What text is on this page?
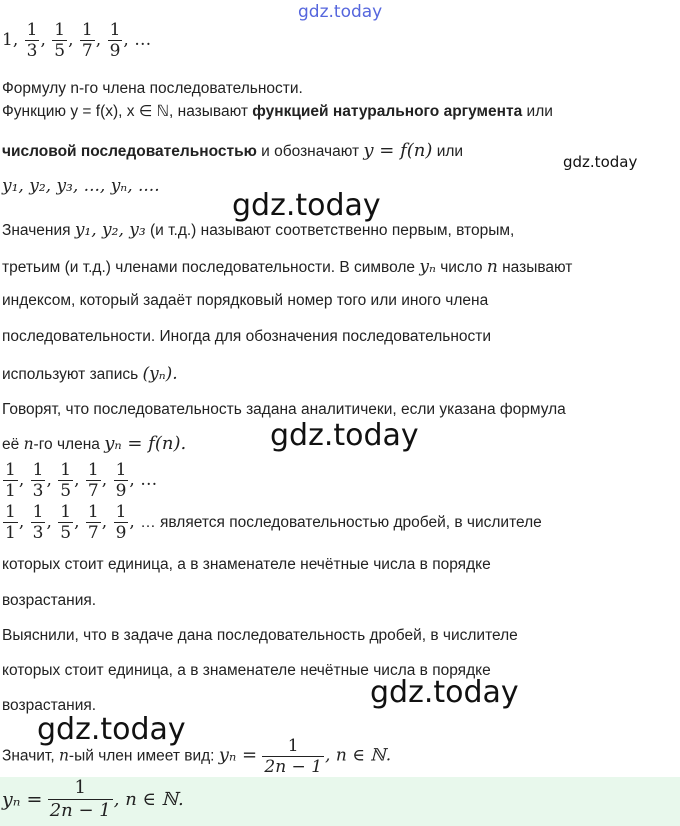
gdz.today
1, $\frac{1}{3}$ , $\frac{1}{5}$ , $\frac{1}{7}$ , $\frac{1}{9}$ , …
Формулу n-го члена последовательности.
Функцию y = f(x), x ∈ ℕ, называют функцией натурального аргумента или
числовой последовательностью и обозначают y = f(n) или
y₁, y₂, y₃, ..., yₙ, ....
gdz.today
gdz.today
Значения y₁, y₂, y₃ (и т.д.) называют соответственно первым, вторым,
третьим (и т.д.) членами последовательности. В символе yₙ число n называют
индексом, который задаёт порядковый номер того или иного члена
последовательности. Иногда для обозначения последовательности
используют запись (yₙ).
Говорят, что последовательность задана аналитичеки, если указана формула
её n-го члена yₙ = f(n).	gdz.today
$\frac{1}{1}$ , $\frac{1}{3}$ , $\frac{1}{5}$ , $\frac{1}{7}$ , $\frac{1}{9}$ , …
$\frac{1}{1}$ , $\frac{1}{3}$ , $\frac{1}{5}$ , $\frac{1}{7}$ , $\frac{1}{9}$ , … является последовательностью дробей, в числителе
которых стоит единица, а в знаменателе нечётные числа в порядке
возрастания.
Выяснили, что в задаче дана последовательность дробей, в числителе
которых стоит единица, а в знаменателе нечётные числа в порядке
возрастания.	gdz.today
gdz.today
Значит, n-ый член имеет вид: $y_n = \frac{1}{2n - 1}$ , n ∈ ℕ.
$y_n = \frac{1}{2n - 1}$ , n ∈ ℕ.
